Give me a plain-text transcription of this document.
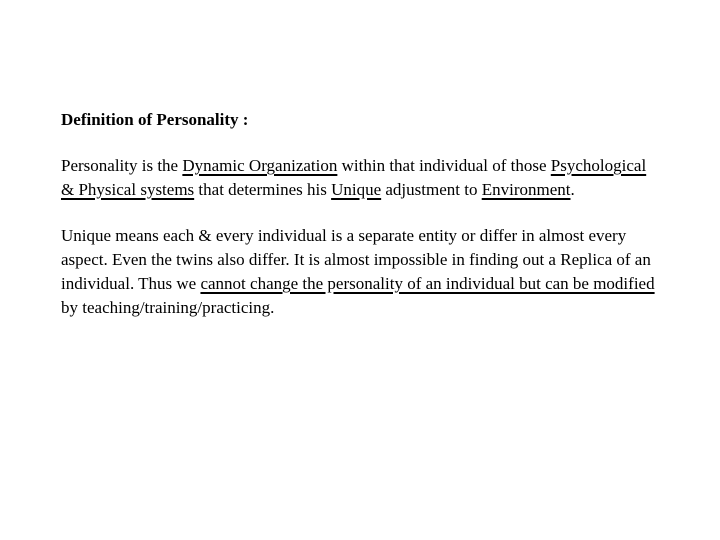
Definition of Personality :

Personality is the Dynamic Organization within that individual of those Psychological & Physical systems that determines his Unique adjustment to Environment.

Unique means each & every individual is a separate entity or differ in almost every aspect. Even the twins also differ. It is almost impossible in finding out a Replica of an individual. Thus we cannot change the personality of an individual but can be modified by teaching/training/practicing.
